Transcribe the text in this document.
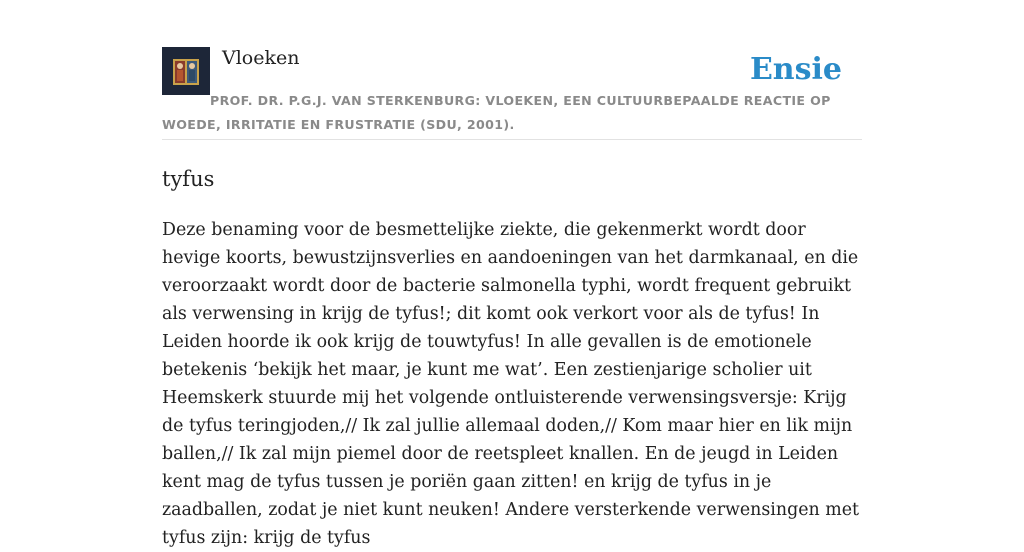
Vloeken	Ensie
PROF. DR. P.G.J. VAN STERKENBURG: VLOEKEN, EEN CULTUURBEPAALDE REACTIE OP WOEDE, IRRITATIE EN FRUSTRATIE (SDU, 2001).
tyfus
Deze benaming voor de besmettelijke ziekte, die gekenmerkt wordt door hevige koorts, bewustzijnsverlies en aandoeningen van het darmkanaal, en die veroorzaakt wordt door de bacterie salmonella typhi, wordt frequent gebruikt als verwensing in krijg de tyfus!; dit komt ook verkort voor als de tyfus! In Leiden hoorde ik ook krijg de touwtyfus! In alle gevallen is de emotionele betekenis ‘bekijk het maar, je kunt me wat’. Een zestienjarige scholier uit Heemskerk stuurde mij het volgende ontluisterende verwensingsversje: Krijg de tyfus teringjoden,// Ik zal jullie allemaal doden,// Kom maar hier en lik mijn ballen,// Ik zal mijn piemel door de reetspleet knallen. En de jeugd in Leiden kent mag de tyfus tussen je poriën gaan zitten! en krijg de tyfus in je zaadballen, zodat je niet kunt neuken! Andere versterkende verwensingen met tyfus zijn: krijg de tyfus
